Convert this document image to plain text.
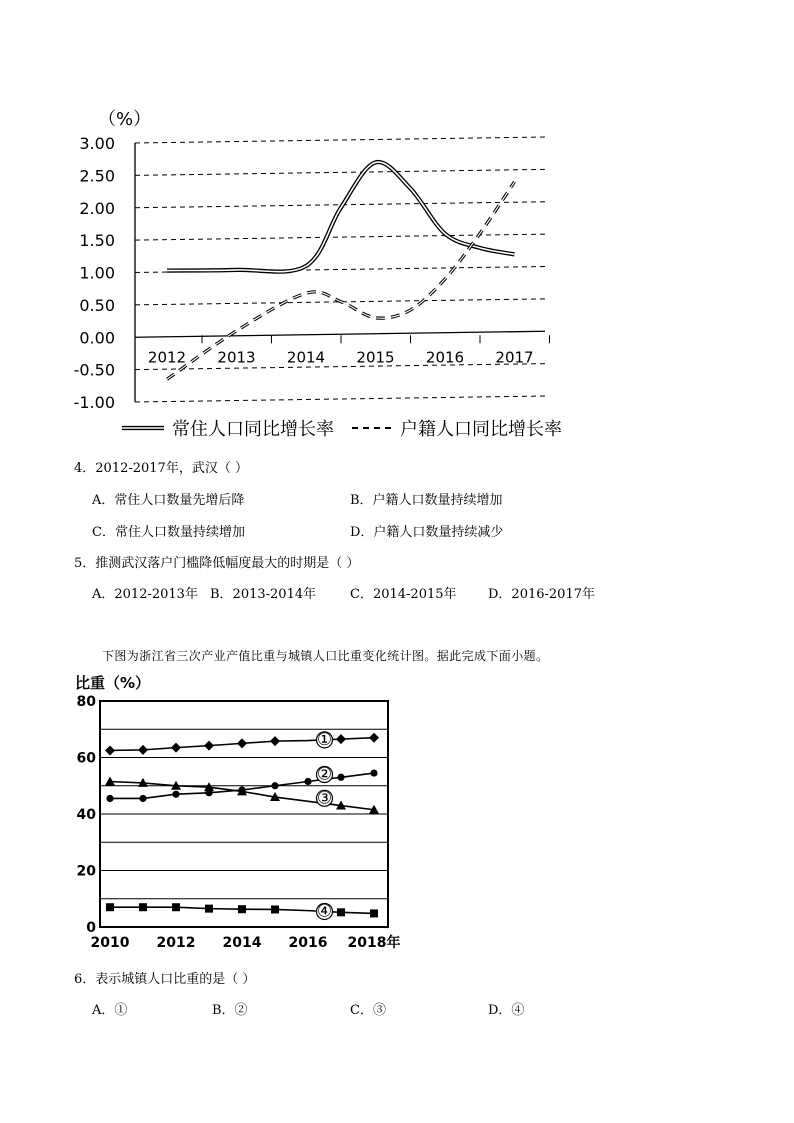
（%）
3.00
2.50
2.00
1.50
1.00
0.50
0.00
-0.50
-1.00
2012 2013 2014 2015 2016 2017
常住人口同比增长率	户籍人口同比增长率
4．2012-2017年，武汉（ ）
A．常住人口数量先增后降	B．户籍人口数量持续增加
C．常住人口数量持续增加	D．户籍人口数量持续减少
5．推测武汉落户门槛降低幅度最大的时期是（ ）
A．2012-2013年 B．2013-2014年	C．2014-2015年 D．2016-2017年
下图为浙江省三次产业产值比重与城镇人口比重变化统计图。据此完成下面小题。
比重（%）
80
60
40
20
0
2010 2012 2014 2016 2018年
①
②
③
④
6．表示城镇人口比重的是（ ）
A．①	B．②	C．③	D．④
